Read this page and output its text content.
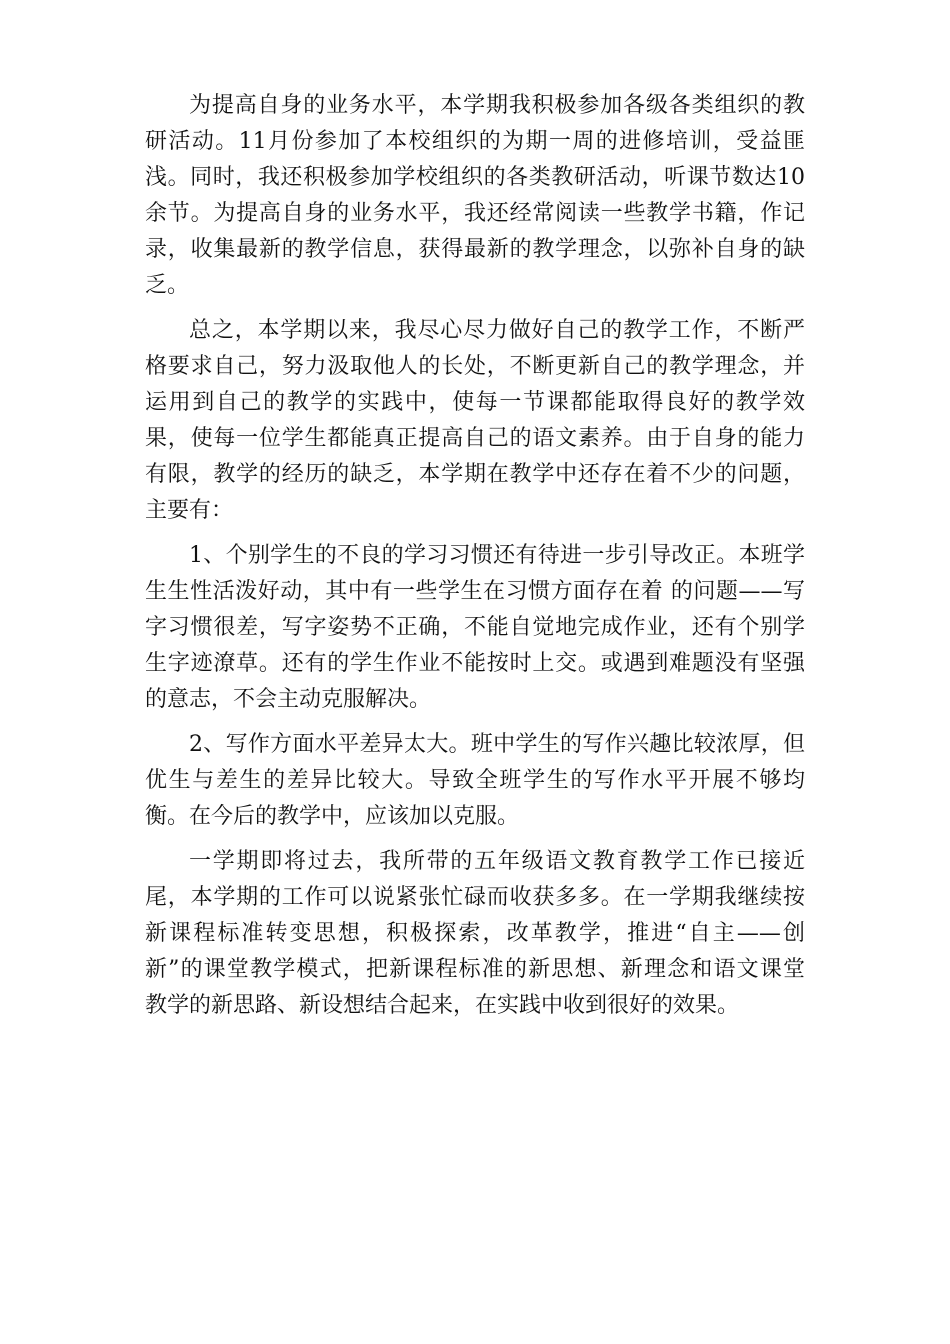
为提高自身的业务水平，本学期我积极参加各级各类组织的教
研活动。11月份参加了本校组织的为期一周的进修培训，受益匪
浅。同时，我还积极参加学校组织的各类教研活动，听课节数达10
余节。为提高自身的业务水平，我还经常阅读一些教学书籍，作记
录，收集最新的教学信息，获得最新的教学理念，以弥补自身的缺
乏。
总之，本学期以来，我尽心尽力做好自己的教学工作，不断严
格要求自己，努力汲取他人的长处，不断更新自己的教学理念，并
运用到自己的教学的实践中，使每一节课都能取得良好的教学效
果，使每一位学生都能真正提高自己的语文素养。由于自身的能力
有限，教学的经历的缺乏，本学期在教学中还存在着不少的问题，
主要有：
1、个别学生的不良的学习习惯还有待进一步引导改正。本班学
生生性活泼好动，其中有一些学生在习惯方面存在着 的问题——写
字习惯很差，写字姿势不正确，不能自觉地完成作业，还有个别学
生字迹潦草。还有的学生作业不能按时上交。或遇到难题没有坚强
的意志，不会主动克服解决。
2、写作方面水平差异太大。班中学生的写作兴趣比较浓厚，但
优生与差生的差异比较大。导致全班学生的写作水平开展不够均
衡。在今后的教学中，应该加以克服。
一学期即将过去，我所带的五年级语文教育教学工作已接近
尾，本学期的工作可以说紧张忙碌而收获多多。在一学期我继续按
新课程标准转变思想，积极探索，改革教学，推进“自主——创
新”的课堂教学模式，把新课程标准的新思想、新理念和语文课堂
教学的新思路、新设想结合起来，在实践中收到很好的效果。
